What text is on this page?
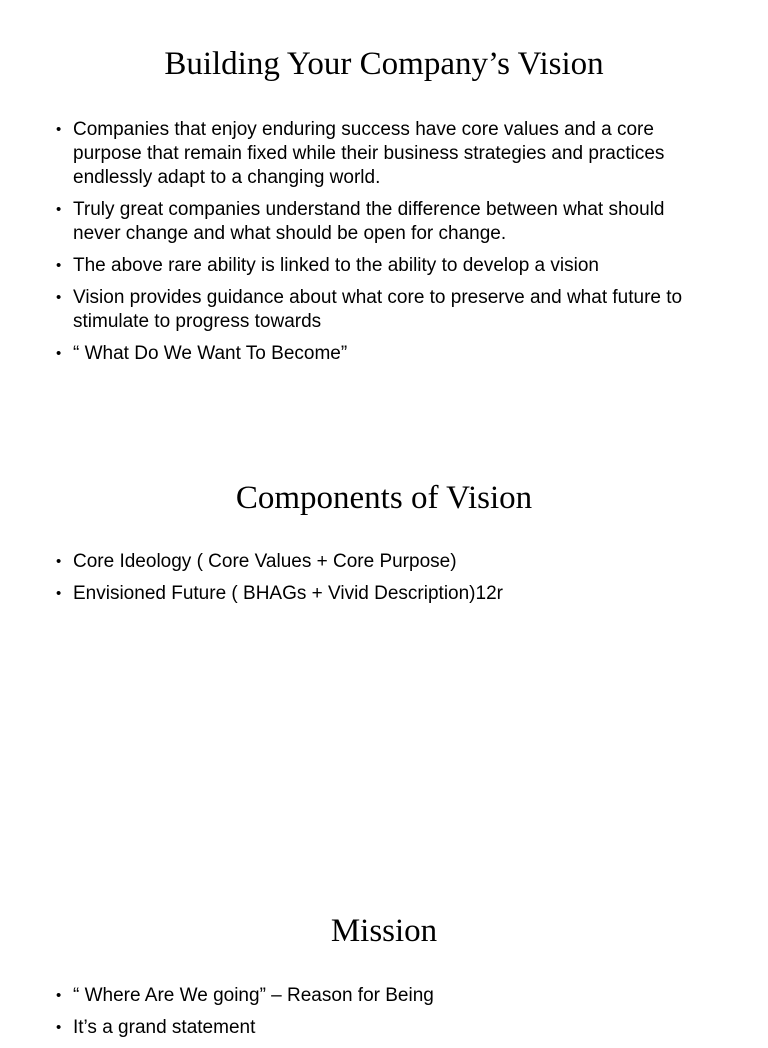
Building Your Company’s Vision
• Companies that enjoy enduring success have core values and a core purpose that remain fixed while their business strategies and practices endlessly adapt to a changing world.
• Truly great companies understand the difference between what should never change and what should be open for change.
• The above rare ability is linked to the ability to develop a vision
• Vision provides guidance about what core to preserve and what future to stimulate to progress towards
• “ What Do We Want To Become”
Components of Vision
• Core Ideology ( Core Values + Core Purpose)
• Envisioned Future ( BHAGs + Vivid Description)12r
Mission
• “ Where Are We going” – Reason for Being
• It’s a grand statement
